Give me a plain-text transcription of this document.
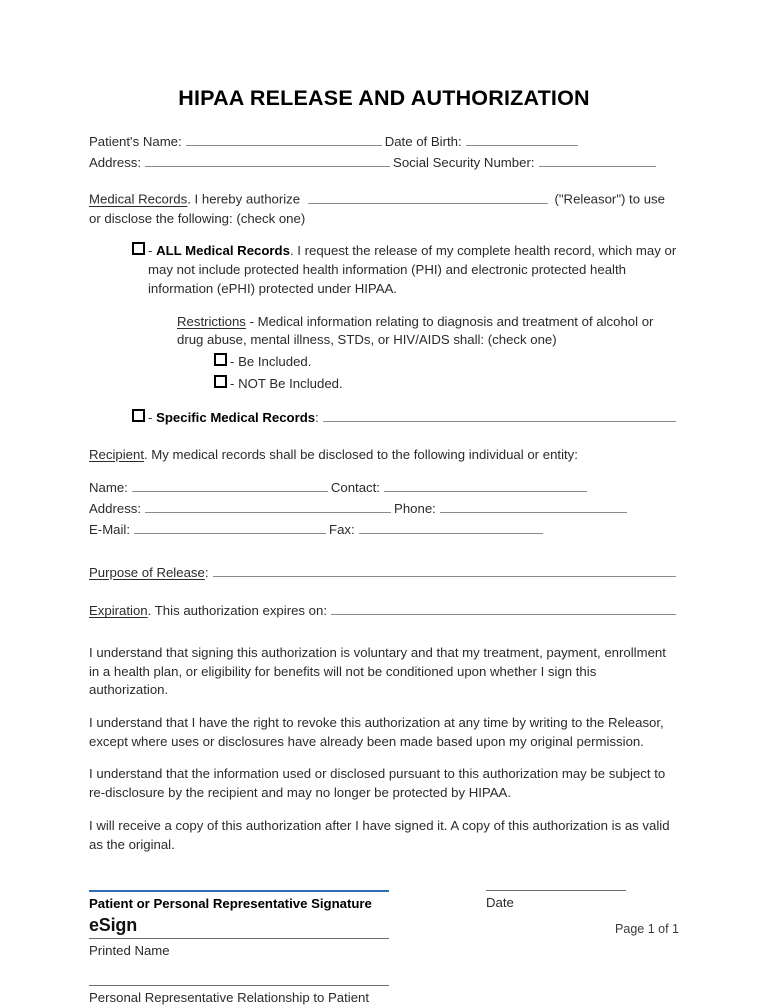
HIPAA RELEASE AND AUTHORIZATION
Patient's Name:	Date of Birth:
Address:	Social Security Number:
Medical Records. I hereby authorize	("Releasor") to use or disclose the following: (check one)
- ALL Medical Records. I request the release of my complete health record, which may or may not include protected health information (PHI) and electronic protected health information (ePHI) protected under HIPAA.
Restrictions - Medical information relating to diagnosis and treatment of alcohol or drug abuse, mental illness, STDs, or HIV/AIDS shall: (check one)
- Be Included.
- NOT Be Included.
- Specific Medical Records:
Recipient. My medical records shall be disclosed to the following individual or entity:
Name:	Contact:
Address:	Phone:
E-Mail:	Fax:
Purpose of Release :
Expiration . This authorization expires on:

I understand that signing this authorization is voluntary and that my treatment, payment, enrollment in a health plan, or eligibility for benefits will not be conditioned upon whether I sign this authorization.

I understand that I have the right to revoke this authorization at any time by writing to the Releasor, except where uses or disclosures have already been made based upon my original permission.

I understand that the information used or disclosed pursuant to this authorization may be subject to re-disclosure by the recipient and may no longer be protected by HIPAA.

I will receive a copy of this authorization after I have signed it. A copy of this authorization is as valid as the original.

Patient or Personal Representative Signature	Date
Printed Name
Personal Representative Relationship to Patient
eSign	Page 1 of 1
